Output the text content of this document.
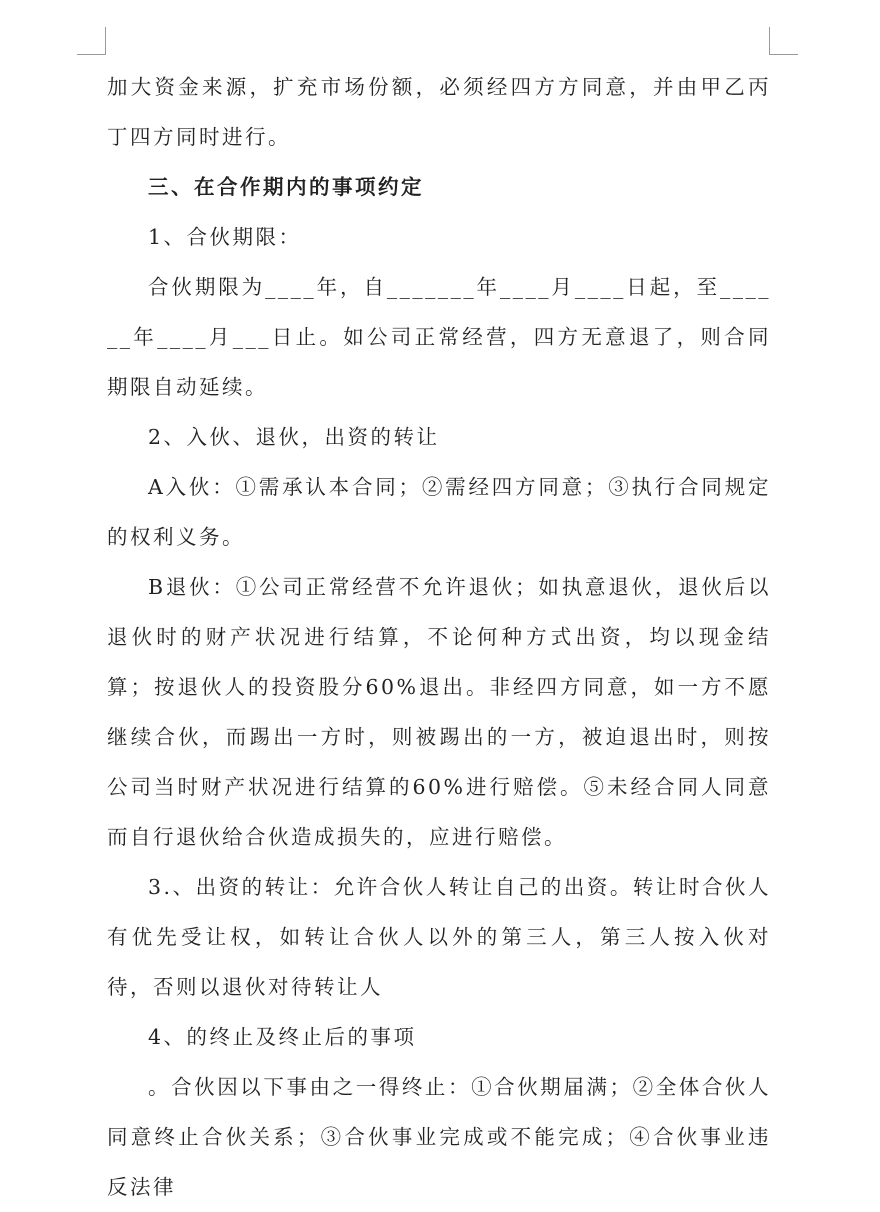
加大资金来源，扩充市场份额，必须经四方方同意，并由甲乙丙丁四方同时进行。

三、在合作期内的事项约定

1、合伙期限：

合伙期限为____年，自_______年____月____日起，至______年____月___日止。如公司正常经营，四方无意退了，则合同期限自动延续。

2、入伙、退伙，出资的转让

A入伙：①需承认本合同；②需经四方同意；③执行合同规定的权利义务。

B退伙：①公司正常经营不允许退伙；如执意退伙，退伙后以退伙时的财产状况进行结算，不论何种方式出资，均以现金结算；按退伙人的投资股分60%退出。非经四方同意，如一方不愿继续合伙，而踢出一方时，则被踢出的一方，被迫退出时，则按公司当时财产状况进行结算的60%进行赔偿。⑤未经合同人同意而自行退伙给合伙造成损失的，应进行赔偿。

3.、出资的转让：允许合伙人转让自己的出资。转让时合伙人有优先受让权，如转让合伙人以外的第三人，第三人按入伙对待，否则以退伙对待转让人

4、的终止及终止后的事项

。合伙因以下事由之一得终止：①合伙期届满；②全体合伙人同意终止合伙关系；③合伙事业完成或不能完成；④合伙事业违反法律
